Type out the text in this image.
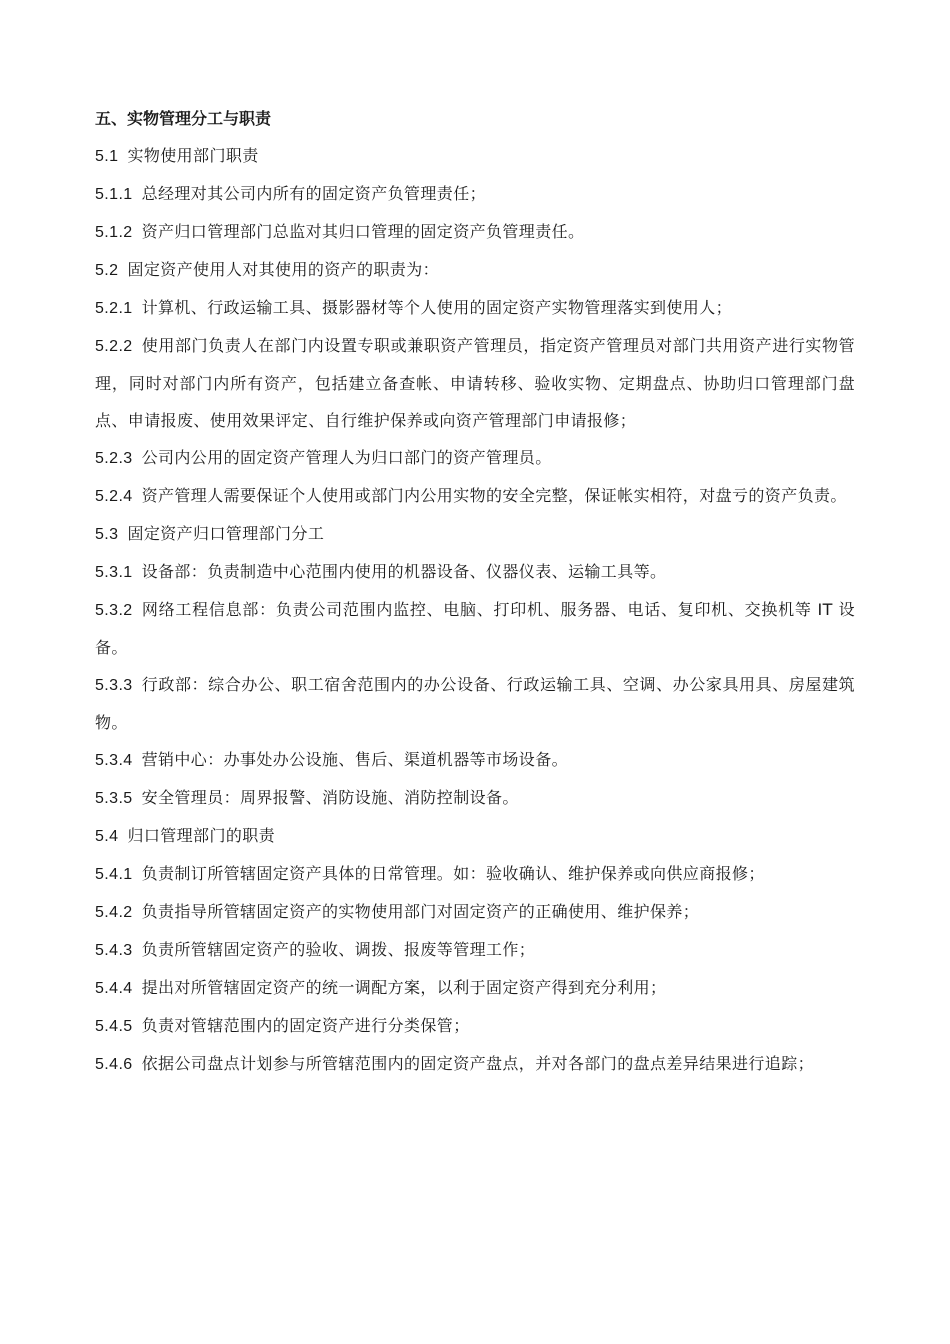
五、实物管理分工与职责
5.1 实物使用部门职责
5.1.1 总经理对其公司内所有的固定资产负管理责任；
5.1.2 资产归口管理部门总监对其归口管理的固定资产负管理责任。
5.2 固定资产使用人对其使用的资产的职责为：
5.2.1 计算机、行政运输工具、摄影器材等个人使用的固定资产实物管理落实到使用人；
5.2.2 使用部门负责人在部门内设置专职或兼职资产管理员，指定资产管理员对部门共用资产进行实物管理，同时对部门内所有资产，包括建立备查帐、申请转移、验收实物、定期盘点、协助归口管理部门盘点、申请报废、使用效果评定、自行维护保养或向资产管理部门申请报修；
5.2.3 公司内公用的固定资产管理人为归口部门的资产管理员。
5.2.4 资产管理人需要保证个人使用或部门内公用实物的安全完整，保证帐实相符，对盘亏的资产负责。
5.3 固定资产归口管理部门分工
5.3.1 设备部：负责制造中心范围内使用的机器设备、仪器仪表、运输工具等。
5.3.2 网络工程信息部：负责公司范围内监控、电脑、打印机、服务器、电话、复印机、交换机等 IT 设备。
5.3.3 行政部：综合办公、职工宿舍范围内的办公设备、行政运输工具、空调、办公家具用具、房屋建筑物。
5.3.4 营销中心：办事处办公设施、售后、渠道机器等市场设备。
5.3.5 安全管理员：周界报警、消防设施、消防控制设备。
5.4 归口管理部门的职责
5.4.1 负责制订所管辖固定资产具体的日常管理。如：验收确认、维护保养或向供应商报修；
5.4.2 负责指导所管辖固定资产的实物使用部门对固定资产的正确使用、维护保养；
5.4.3 负责所管辖固定资产的验收、调拨、报废等管理工作；
5.4.4 提出对所管辖固定资产的统一调配方案，以利于固定资产得到充分利用；
5.4.5 负责对管辖范围内的固定资产进行分类保管；
5.4.6 依据公司盘点计划参与所管辖范围内的固定资产盘点，并对各部门的盘点差异结果进行追踪；
